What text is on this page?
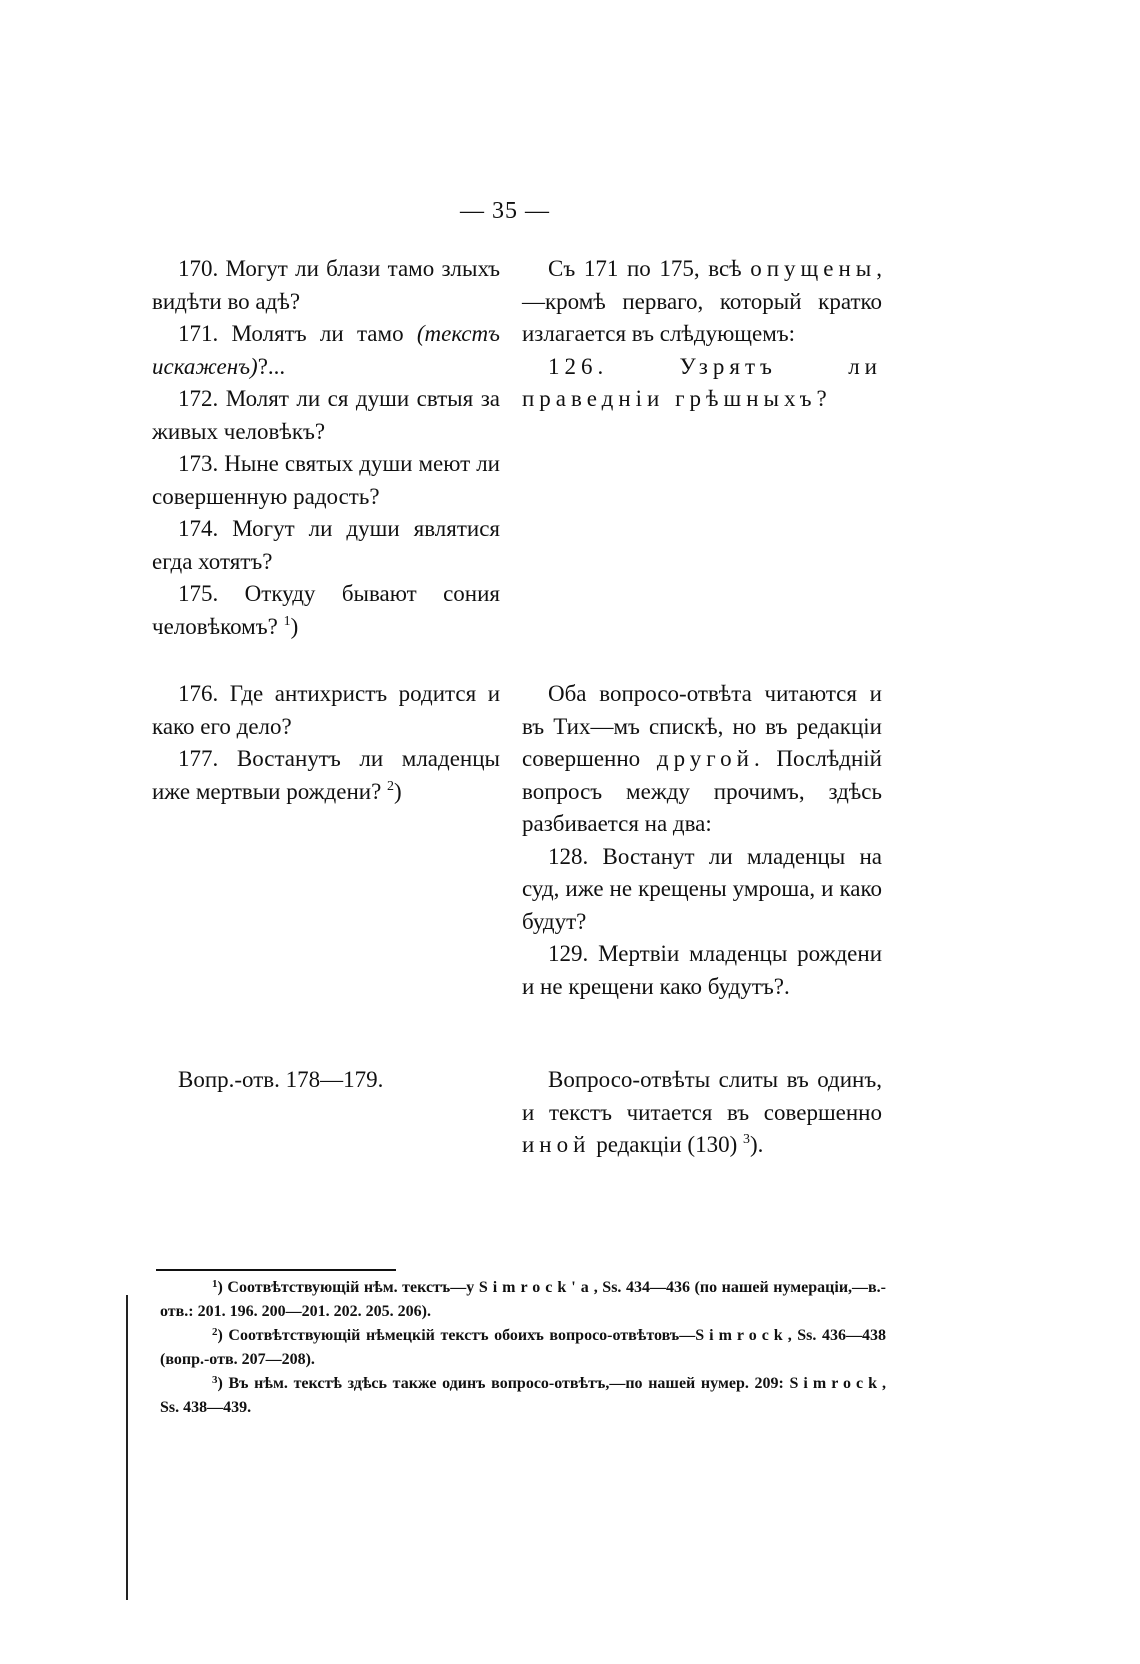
— 35 —

170. Могут ли блази тамо злыхъ видѣти во адѣ?

171. Молятъ ли тамо (текстъ искаженъ)?...

172. Молят ли ся души свтыя за живых человѣкъ?

173. Ныне святых души меют ли совершенную радость?

174. Могут ли души являтися егда хотятъ?

175. Откуду бывают сония человѣкомъ? $^1$)

176. Где антихристъ родится и како его дело?

177. Востанутъ ли младенцы иже мертвыи рождени? $^2$)

Вопр.-отв. 178—179.

Съ 171 по 175, всѣ опущены,—кромѣ перваго, который кратко излагается въ слѣдующемъ:

126. Узрятъ ли праведнiи грѣшныхъ?

Оба вопросо-отвѣта читаются и въ Тих—мъ спискѣ, но въ редакцiи совершенно другой. Послѣднiй вопросъ между прочимъ, здѣсь разбивается на два:

128. Востанут ли младенцы на суд, иже не крещены умроша, и како будут?

129. Мертвiи младенцы рождени и не крещени како будутъ?.

Вопросо-отвѣты слиты въ одинъ, и текстъ читается въ совершенно иной редакцiи (130) $^3$).

$^1$) Соотвѣтствующiй нѣм. текстъ—у Simrock'a, Ss. 434—436 (по нашей нумерацiи,—в.-отв.: 201. 196. 200—201. 202. 205. 206).

$^2$) Соотвѣтствующiй нѣмецкiй текстъ обоихъ вопросо-отвѣтовъ—Simrock, Ss. 436—438 (вопр.-отв. 207—208).

$^3$) Въ нѣм. текстѣ здѣсь также одинъ вопросо-отвѣтъ,—по нашей нумер. 209: Simrock, Ss. 438—439.
